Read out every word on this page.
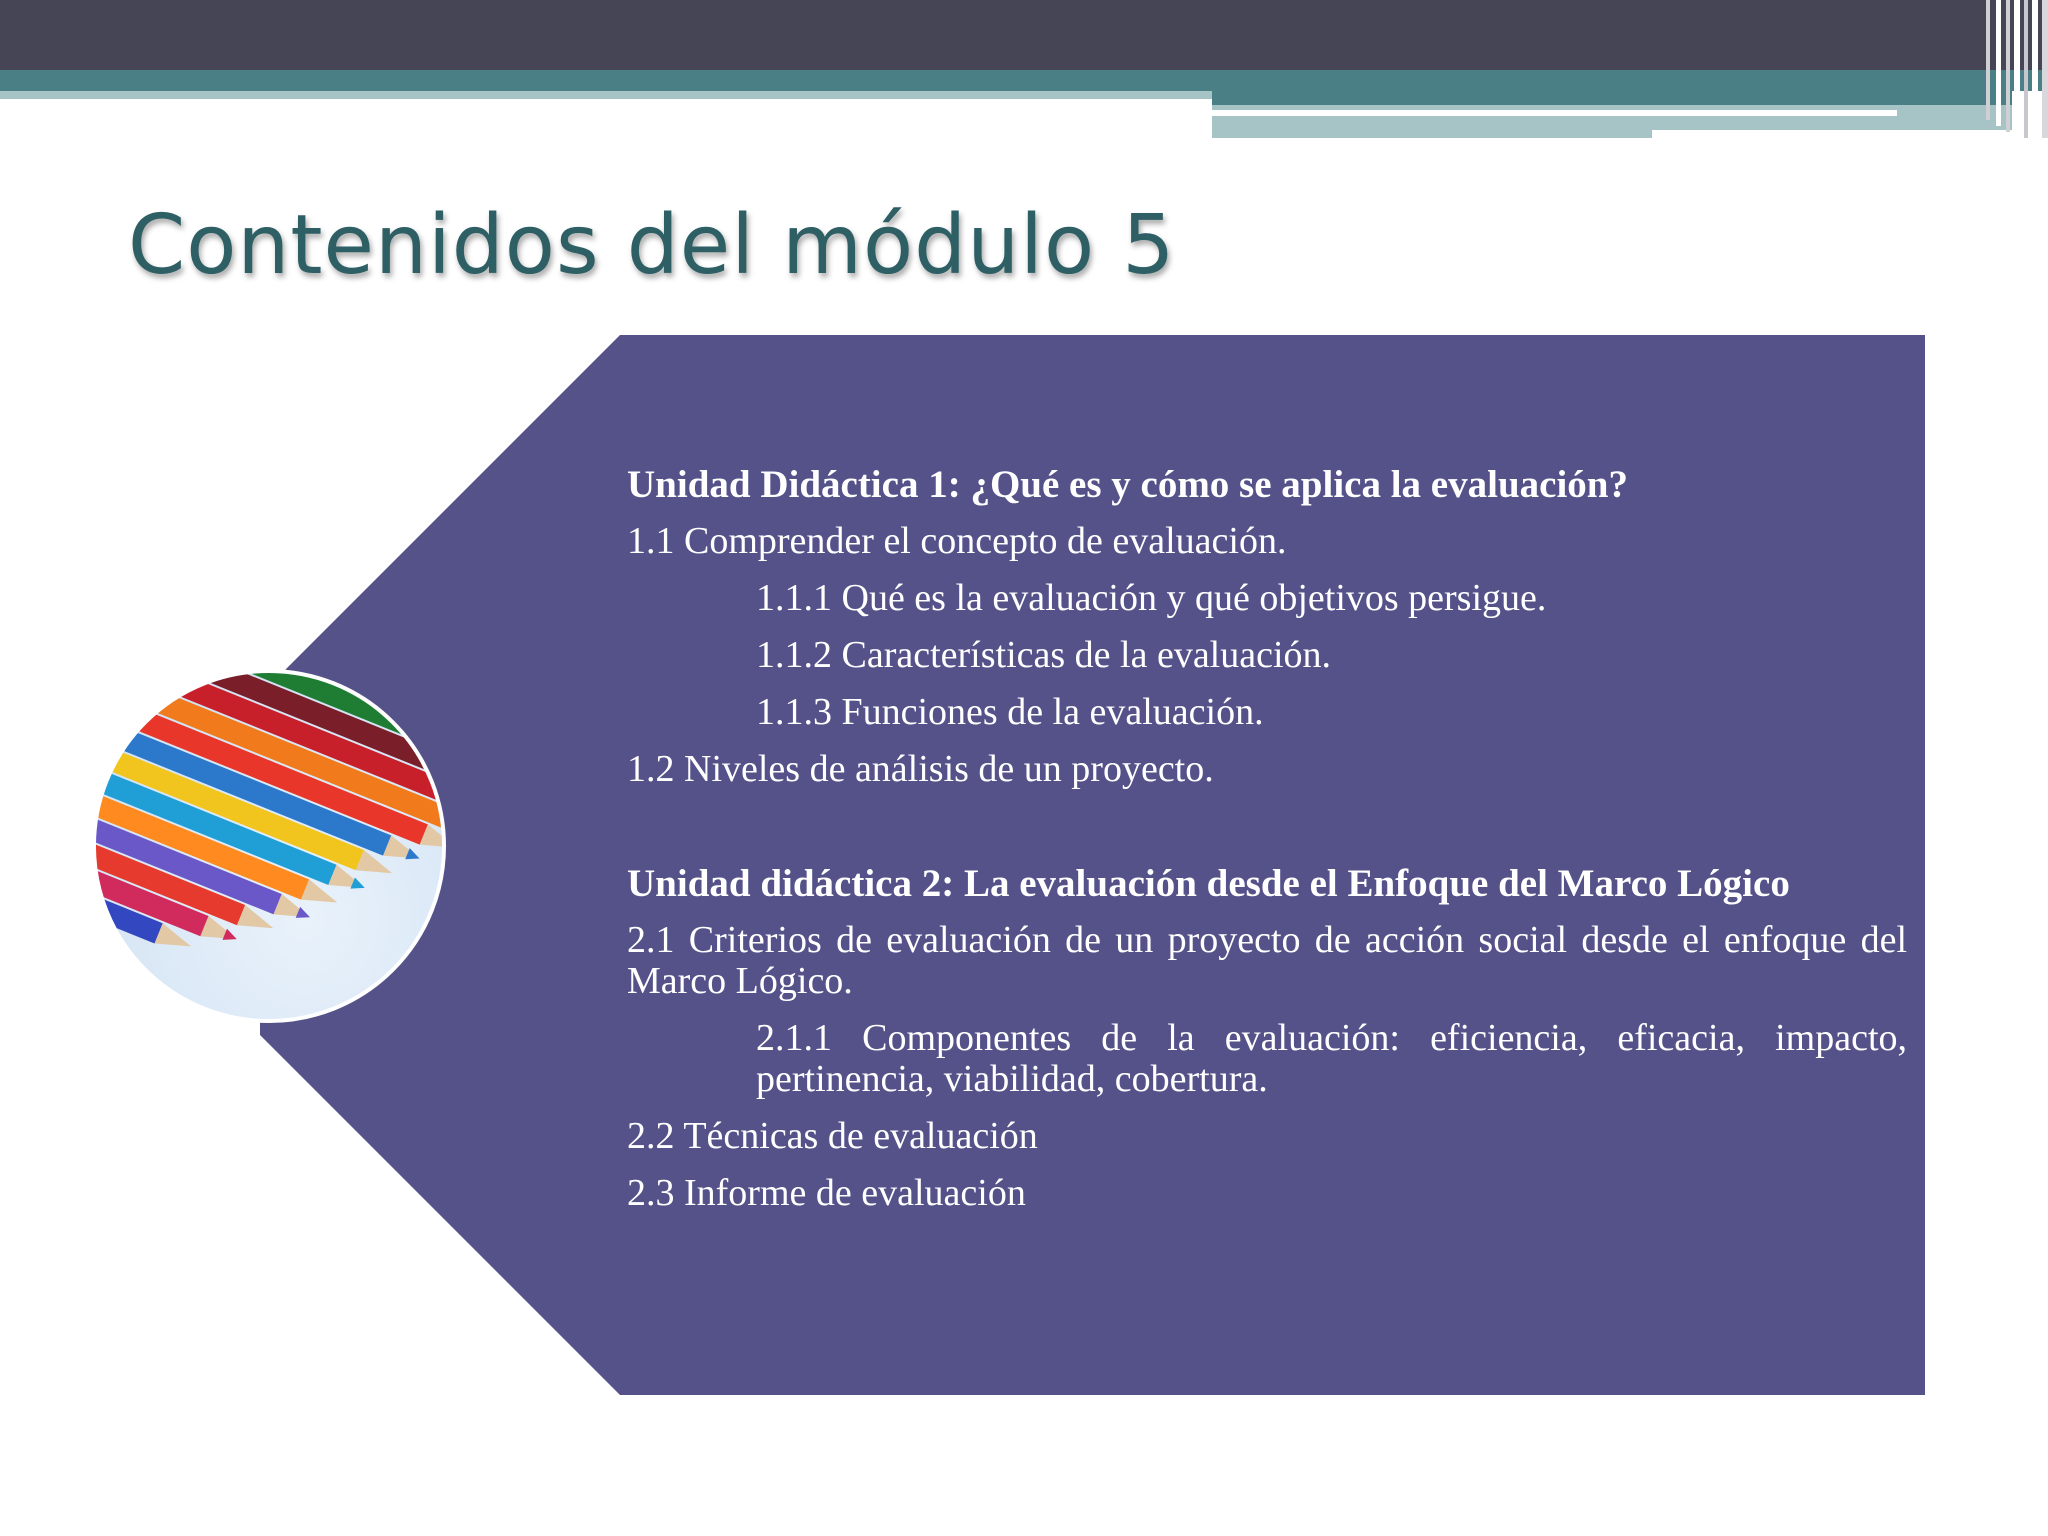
Contenidos del módulo 5
Unidad Didáctica 1: ¿Qué es y cómo se aplica la evaluación?
1.1 Comprender el concepto de evaluación.
1.1.1 Qué es la evaluación y qué objetivos persigue.
1.1.2 Características de la evaluación.
1.1.3 Funciones de la evaluación.
1.2 Niveles de análisis de un proyecto.
Unidad didáctica 2: La evaluación desde el Enfoque del Marco Lógico
2.1 Criterios de evaluación de un proyecto de acción social desde el enfoque del Marco Lógico.
2.1.1 Componentes de la evaluación: eficiencia, eficacia, impacto, pertinencia, viabilidad, cobertura.
2.2 Técnicas de evaluación
2.3 Informe de evaluación
